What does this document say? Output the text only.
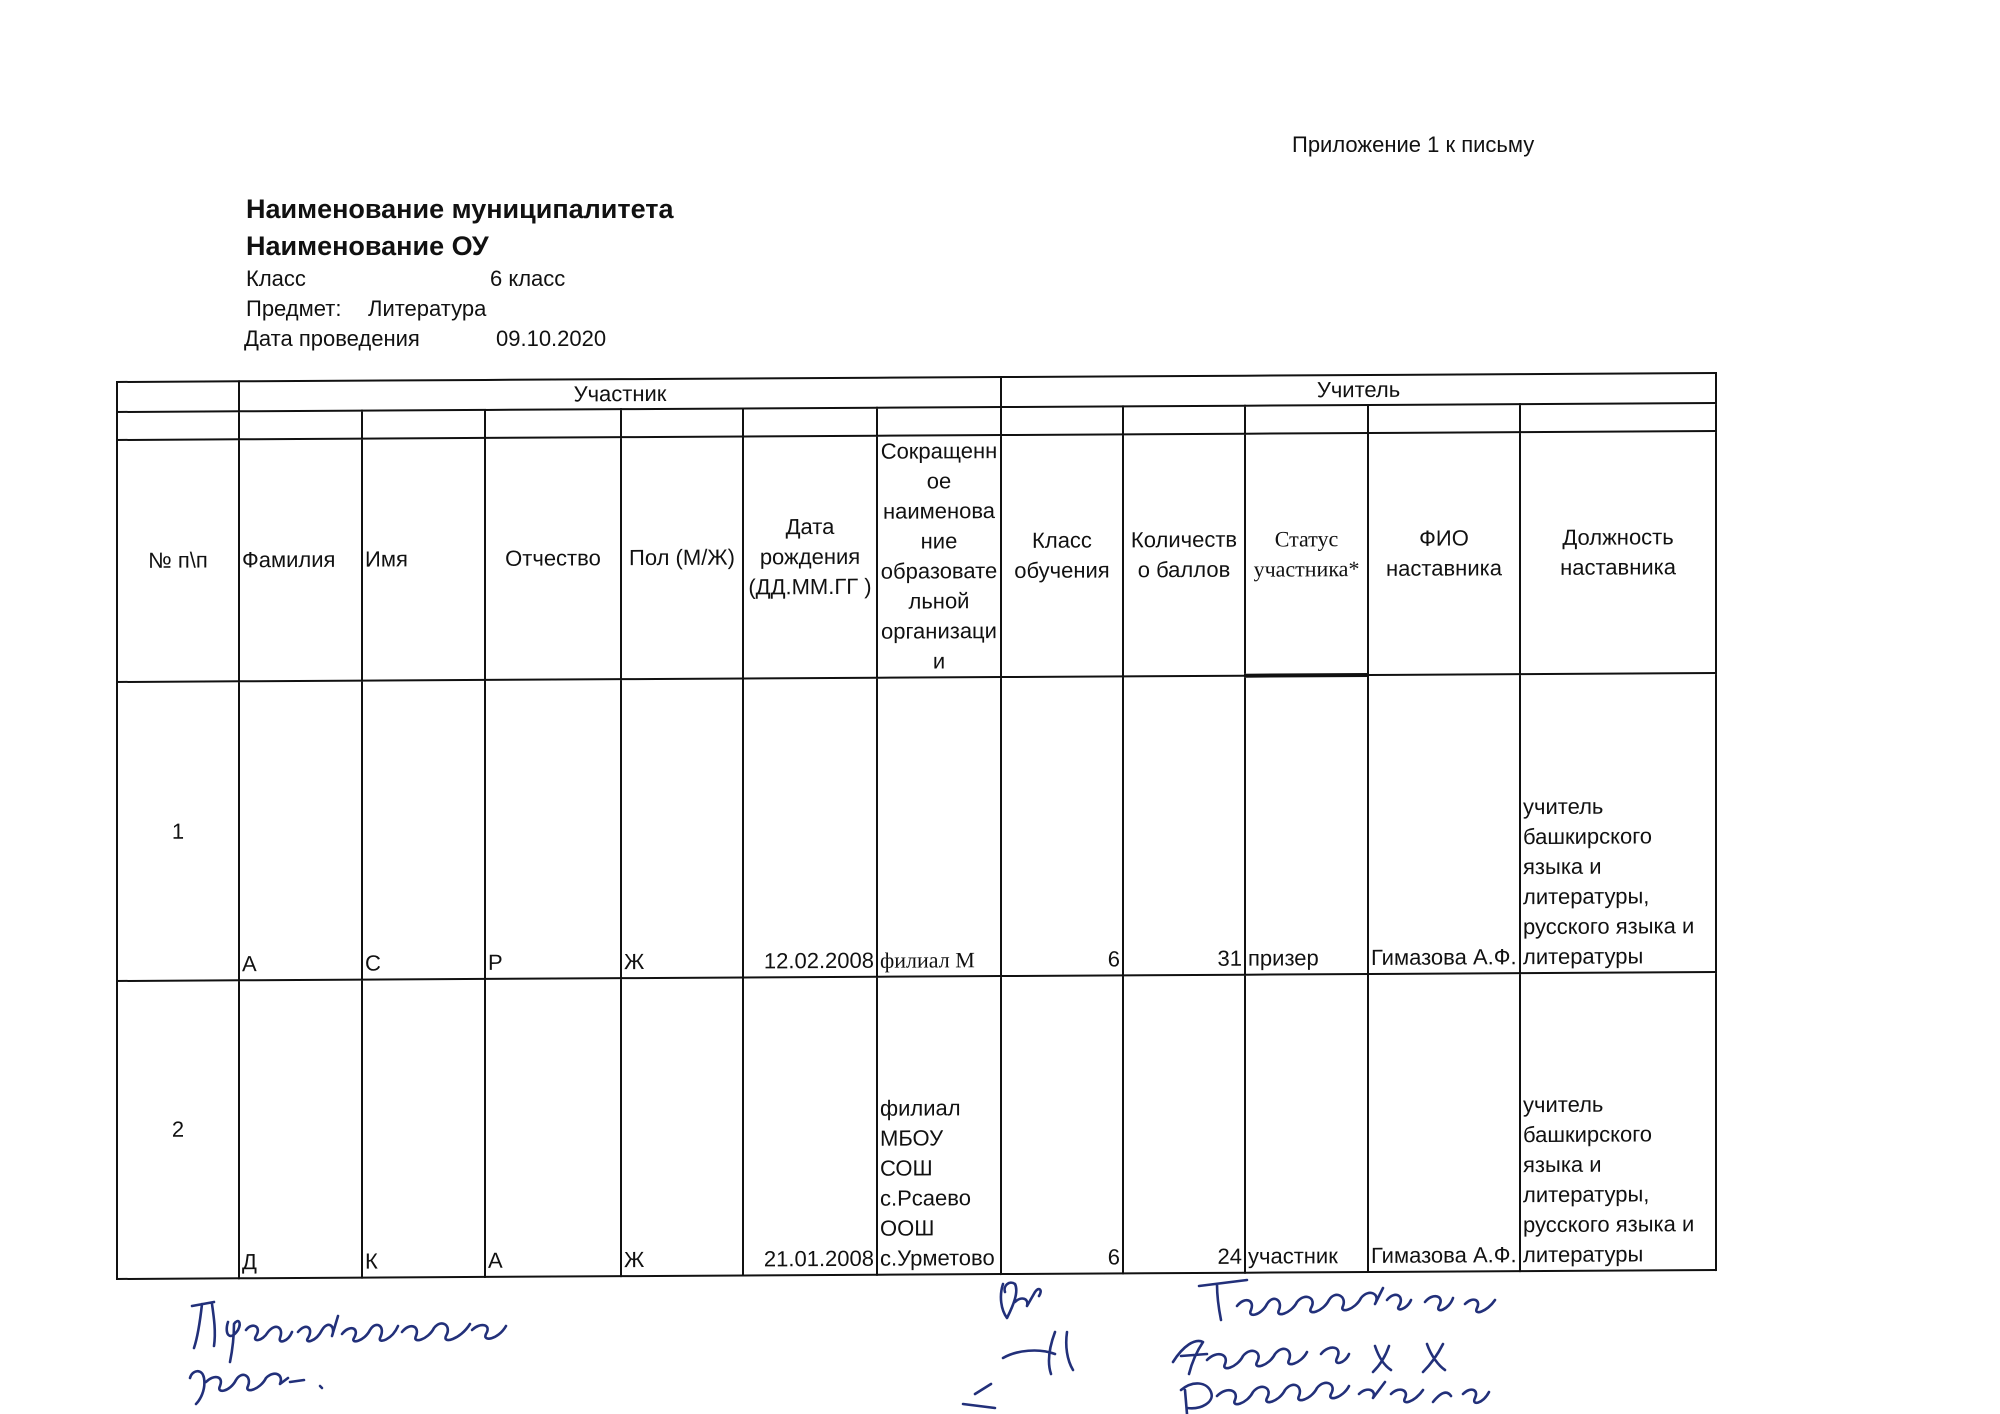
Приложение 1 к письму
Наименование муниципалитета
Наименование ОУ
Класс	6 класс
Предмет: Литература
Дата проведения	09.10.2020
	Участник						Учитель				

№ п\п	Фамилия	Имя	Отчество	Пол (М/Ж)	Дата рождения (ДД.ММ.ГГ )	Сокращенное наименование образовательной организации	Класс обучения	Количество баллов	Статус участника*	ФИО наставника	Должность наставника
1	А	С	Р	Ж	12.02.2008	филиал М	6	31	призер	Гимазова А.Ф.	учитель башкирского языка и литературы, русского языка и литературы
2	Д	К	А	Ж	21.01.2008	филиал МБОУ СОШ с.Рсаево ООШ с.Урметово	6	24	участник	Гимазова А.Ф.	учитель башкирского языка и литературы, русского языка и литературы
